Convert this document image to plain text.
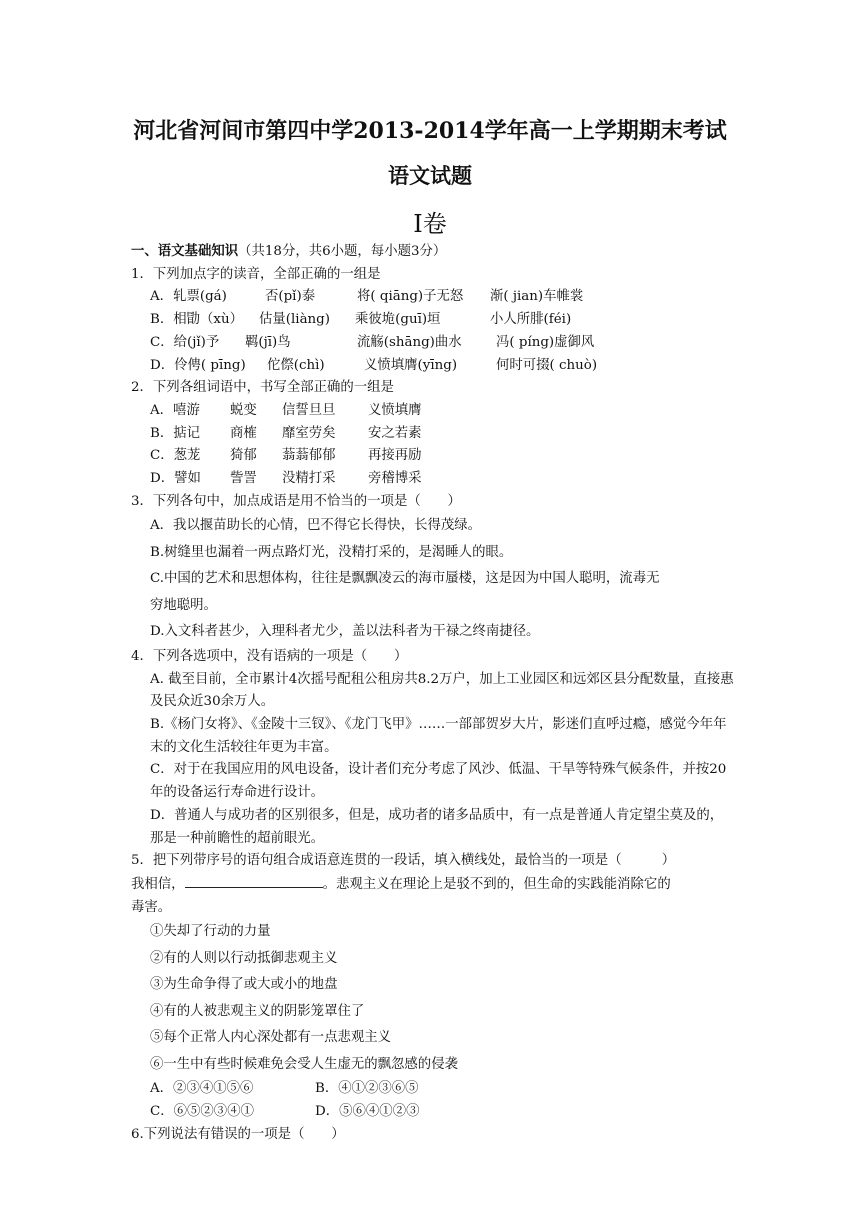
河北省河间市第四中学2013-2014学年高一上学期期末考试
语文试题
Ⅰ卷
一、语文基础知识（共18分，共6小题，每小题3分）
1．下列加点字的读音，全部正确的一组是
A．轧票(gá)	否(pǐ)泰	将( qiāng)子无怒	渐( jian)车帷裳
B．相勖（xù）	估量(liàng)	乘彼垝(guī)垣	小人所腓(féi)
C．给(jǐ)予	羁(jī)鸟	流觞(shāng)曲水	冯( píng)虚御风
D．伶俜( pīng)	佗傺(chì)	义愤填膺(yīng)	何时可掇( chuò)
2．下列各组词语中，书写全部正确的一组是
A．嘻游	蜕变	信誓旦旦	义愤填膺
B．掂记	商榷	靡室劳矣	安之若素
C．葱茏	猗郁	蓊蓊郁郁	再接再励
D．譬如	訾詈	没精打采	旁稽博采
3．下列各句中，加点成语是用不恰当的一项是（　　）
A．我以揠苗助长的心情，巴不得它长得快，长得茂绿。
B.树缝里也漏着一两点路灯光，没精打采的，是渴睡人的眼。
C.中国的艺术和思想体构，往往是飘飘凌云的海市蜃楼，这是因为中国人聪明，流毒无
穷地聪明。
D.入文科者甚少，入理科者尤少，盖以法科者为干禄之终南捷径。
4．下列各选项中，没有语病的一项是（　　）
A. 截至目前，全市累计4次摇号配租公租房共8.2万户，加上工业园区和远郊区县分配数量，直接惠及民众近30余万人。
B.《杨门女将》、《金陵十三钗》、《龙门飞甲》……一部部贺岁大片，影迷们直呼过瘾，感觉今年年末的文化生活较往年更为丰富。
C．对于在我国应用的风电设备，设计者们充分考虑了风沙、低温、干旱等特殊气候条件，并按20年的设备运行寿命进行设计。
D．普通人与成功者的区别很多，但是，成功者的诸多品质中，有一点是普通人肯定望尘莫及的，那是一种前瞻性的超前眼光。
5．把下列带序号的语句组合成语意连贯的一段话，填入横线处，最恰当的一项是（　　　）
我相信，	。悲观主义在理论上是驳不到的，但生命的实践能消除它的
毒害。
①失却了行动的力量
②有的人则以行动抵御悲观主义
③为生命争得了或大或小的地盘
④有的人被悲观主义的阴影笼罩住了
⑤每个正常人内心深处都有一点悲观主义
⑥一生中有些时候难免会受人生虚无的飘忽感的侵袭
A．②③④①⑤⑥	B．④①②③⑥⑤
C．⑥⑤②③④①	D．⑤⑥④①②③
6.下列说法有错误的一项是（　　）
